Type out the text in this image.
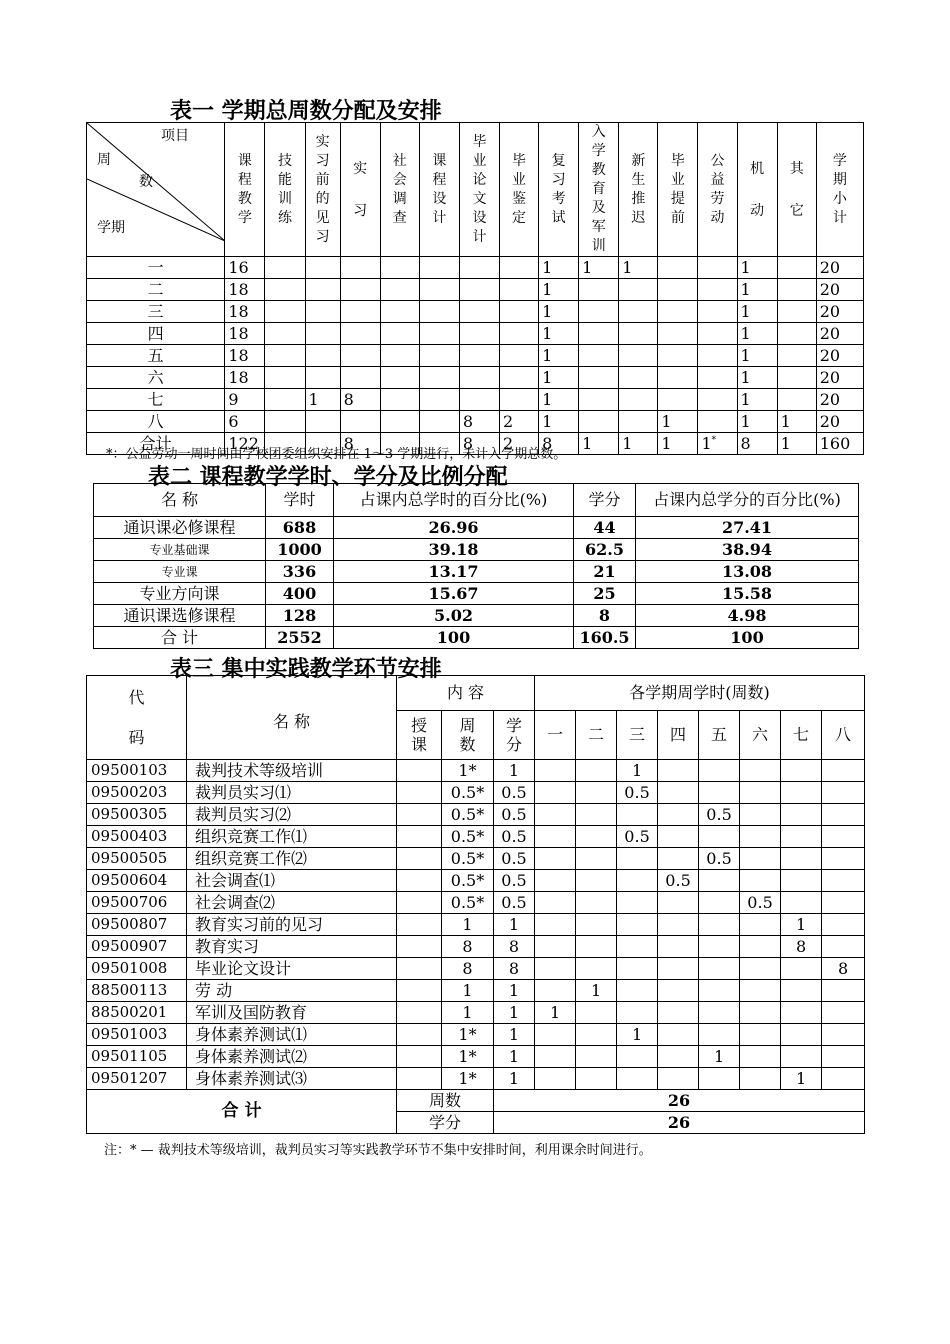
表一 学期总周数分配及安排
项目
周
数
学期	课程教学	技能训练	实习前的见习	实习	社会调查	课程设计	毕业论文设计	毕业鉴定	复习考试	入学教育及军训	新生推迟	毕业提前	公益劳动	机动	其它	学期小计
一	16								1	1	1			1		20
二	18								1					1		20
三	18								1					1		20
四	18								1					1		20
五	18								1					1		20
六	18								1					1		20
七	9		1	8					1					1		20
八	6						8	2	1			1		1	1	20
合计	122			8			8	2	8	1	1	1	1*	8	1	160
*：公益劳动一周时间由学校团委组织安排在 1～3 学期进行，未计入学期总数。
表二 课程教学学时、学分及比例分配
名 称	学时	占课内总学时的百分比(%)	学分	占课内总学分的百分比(%)
通识课必修课程	688	26.96	44	27.41
专业基础课	1000	39.18	62.5	38.94
专业课	336	13.17	21	13.08
专业方向课	400	15.67	25	15.58
通识课选修课程	128	5.02	8	4.98
合 计	2552	100	160.5	100
表三 集中实践教学环节安排
代码	名 称	内 容			各学期周学时(周数)							
		授课	周数	学分	一	二	三	四	五	六	七	八
09500103	裁判技术等级培训		1*	1			1					
09500203	裁判员实习⑴		0.5*	0.5			0.5					
09500305	裁判员实习⑵		0.5*	0.5					0.5			
09500403	组织竞赛工作⑴		0.5*	0.5			0.5					
09500505	组织竞赛工作⑵		0.5*	0.5					0.5			
09500604	社会调查⑴		0.5*	0.5				0.5				
09500706	社会调查⑵		0.5*	0.5						0.5		
09500807	教育实习前的见习		1	1							1	
09500907	教育实习		8	8							8	
09501008	毕业论文设计		8	8								8
88500113	劳 动		1	1		1						
88500201	军训及国防教育		1	1	1							
09501003	身体素养测试⑴		1*	1			1					
09501105	身体素养测试⑵		1*	1					1			
09501207	身体素养测试⑶		1*	1							1	
合 计		周数		26								
		学分		26								
注：* — 裁判技术等级培训，裁判员实习等实践教学环节不集中安排时间，利用课余时间进行。
